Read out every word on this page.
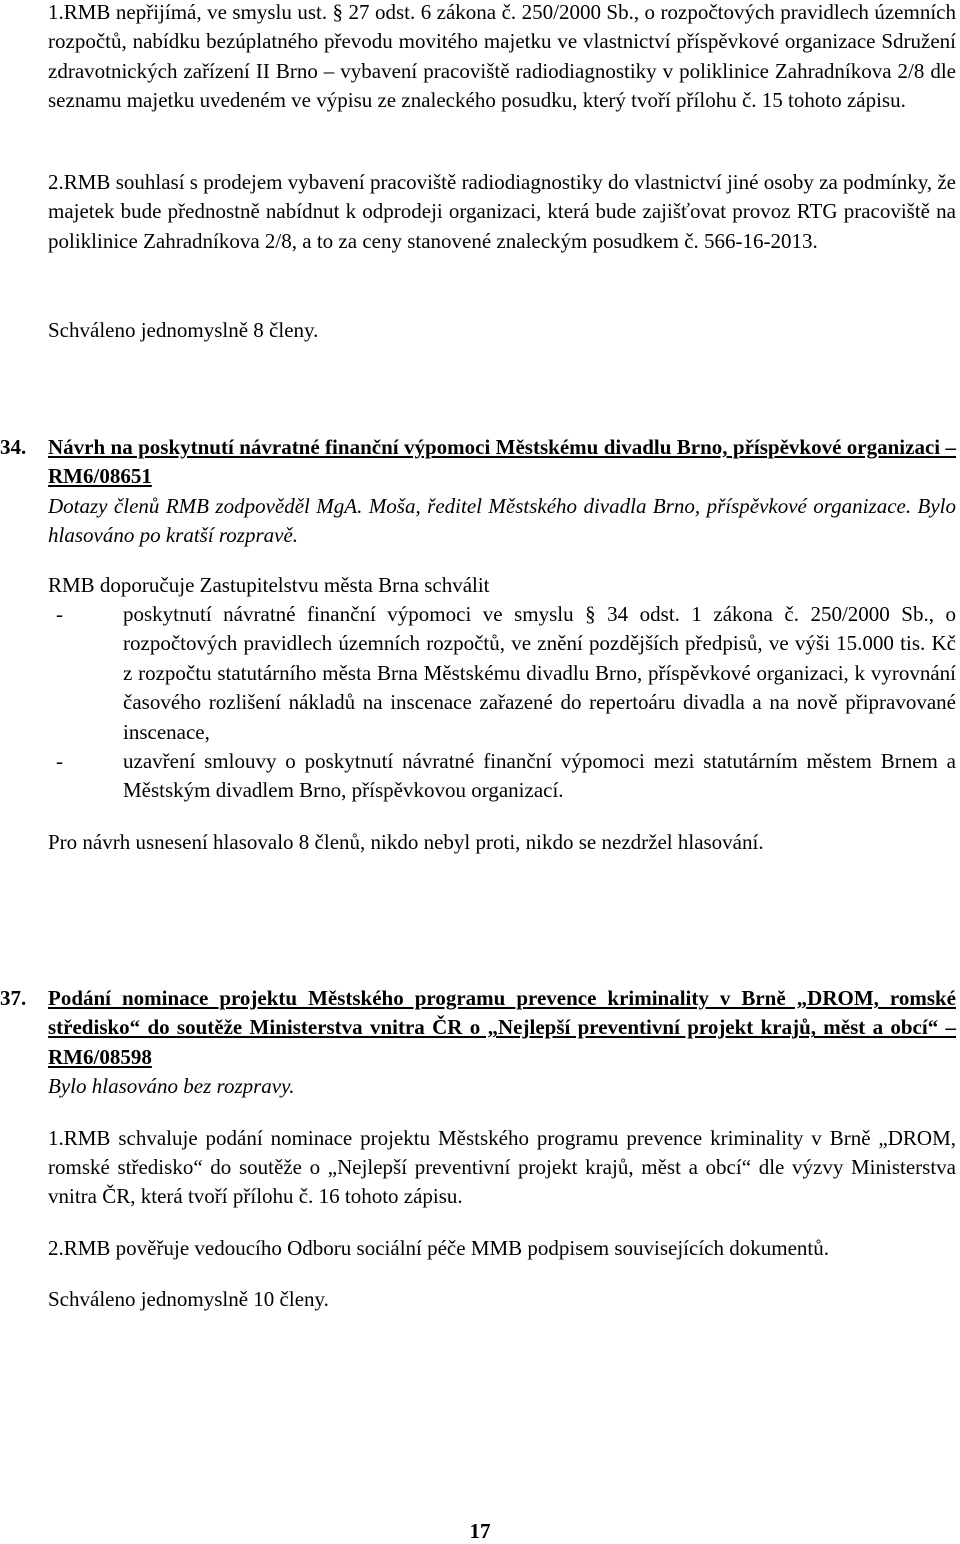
1.RMB nepřijímá, ve smyslu ust. § 27 odst. 6 zákona č. 250/2000 Sb., o rozpočtových pravidlech územních rozpočtů, nabídku bezúplatného převodu movitého majetku ve vlastnictví příspěvkové organizace Sdružení zdravotnických zařízení II Brno – vybavení pracoviště radiodiagnostiky v poliklinice Zahradníkova 2/8 dle seznamu majetku uvedeném ve výpisu ze znaleckého posudku, který tvoří přílohu č. 15 tohoto zápisu.

2.RMB souhlasí s prodejem vybavení pracoviště radiodiagnostiky do vlastnictví jiné osoby za podmínky, že majetek bude přednostně nabídnut k odprodeji organizaci, která bude zajišťovat provoz RTG pracoviště na poliklinice Zahradníkova 2/8, a to za ceny stanovené znaleckým posudkem č. 566-16-2013.

Schváleno jednomyslně 8 členy.

34. Návrh na poskytnutí návratné finanční výpomoci Městskému divadlu Brno, příspěvkové organizaci – RM6/08651

Dotazy členů RMB zodpověděl MgA. Moša, ředitel Městského divadla Brno, příspěvkové organizace. Bylo hlasováno po kratší rozpravě.

RMB doporučuje Zastupitelstvu města Brna schválit

-	poskytnutí návratné finanční výpomoci ve smyslu § 34 odst. 1 zákona č. 250/2000 Sb., o rozpočtových pravidlech územních rozpočtů, ve znění pozdějších předpisů, ve výši 15.000 tis. Kč z rozpočtu statutárního města Brna Městskému divadlu Brno, příspěvkové organizaci, k vyrovnání časového rozlišení nákladů na inscenace zařazené do repertoáru divadla a na nově připravované inscenace,
-	uzavření smlouvy o poskytnutí návratné finanční výpomoci mezi statutárním městem Brnem a Městským divadlem Brno, příspěvkovou organizací.

Pro návrh usnesení hlasovalo 8 členů, nikdo nebyl proti, nikdo se nezdržel hlasování.

37. Podání nominace projektu Městského programu prevence kriminality v Brně „DROM, romské středisko“ do soutěže Ministerstva vnitra ČR o „Nejlepší preventivní projekt krajů, měst a obcí“ – RM6/08598

Bylo hlasováno bez rozpravy.

1.RMB schvaluje podání nominace projektu Městského programu prevence kriminality v Brně „DROM, romské středisko“ do soutěže o „Nejlepší preventivní projekt krajů, měst a obcí“ dle výzvy Ministerstva vnitra ČR, která tvoří přílohu č. 16 tohoto zápisu.

2.RMB pověřuje vedoucího Odboru sociální péče MMB podpisem souvisejících dokumentů.

Schváleno jednomyslně 10 členy.

17
